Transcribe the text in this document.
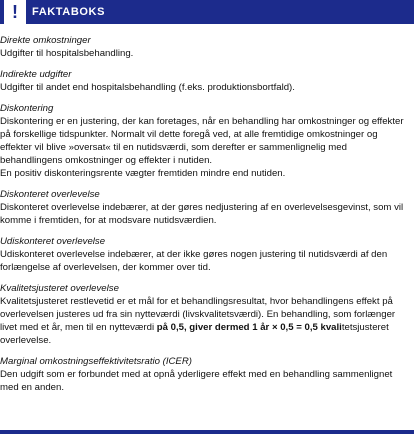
!	FAKTABOKS
Direkte omkostninger
Udgifter til hospitalsbehandling.
Indirekte udgifter
Udgifter til andet end hospitalsbehandling (f.eks. produktionsbortfald).
Diskontering

Diskontering er en justering, der kan foretages, når en behandling har omkostninger og effekter på forskellige tidspunkter. Normalt vil dette foregå ved, at alle fremtidige omkostninger og effekter vil blive »oversat« til en nutidsværdi, som derefter er sammenlignelig med behandlingens omkostninger og effekter i nutiden.

En positiv diskonteringsrente vægter fremtiden mindre end nutiden.

Diskonteret overlevelse
Diskonteret overlevelse indebærer, at der gøres nedjustering af en overlevelsesgevinst, som vil komme i fremtiden, for at modsvare nutidsværdien.
Udiskonteret overlevelse
Udiskonteret overlevelse indebærer, at der ikke gøres nogen justering til nutidsværdi af den forlængelse af overlevelsen, der kommer over tid.
Kvalitetsjusteret overlevelse
Kvalitetsjusteret restlevetid er et mål for et behandlingsresultat, hvor behandlingens effekt på overlevelsen justeres ud fra sin nytteværdi (livskvalitetsværdi). En behandling, som forlænger livet med et år, men til en nytteværdi på 0,5, giver dermed 1 år × 0,5 = 0,5 kvalitetsjusteret overlevelse.
Marginal omkostningseffektivitetsratio (ICER)
Den udgift som er forbundet med at opnå yderligere effekt med en behandling sammenlignet med en anden.
